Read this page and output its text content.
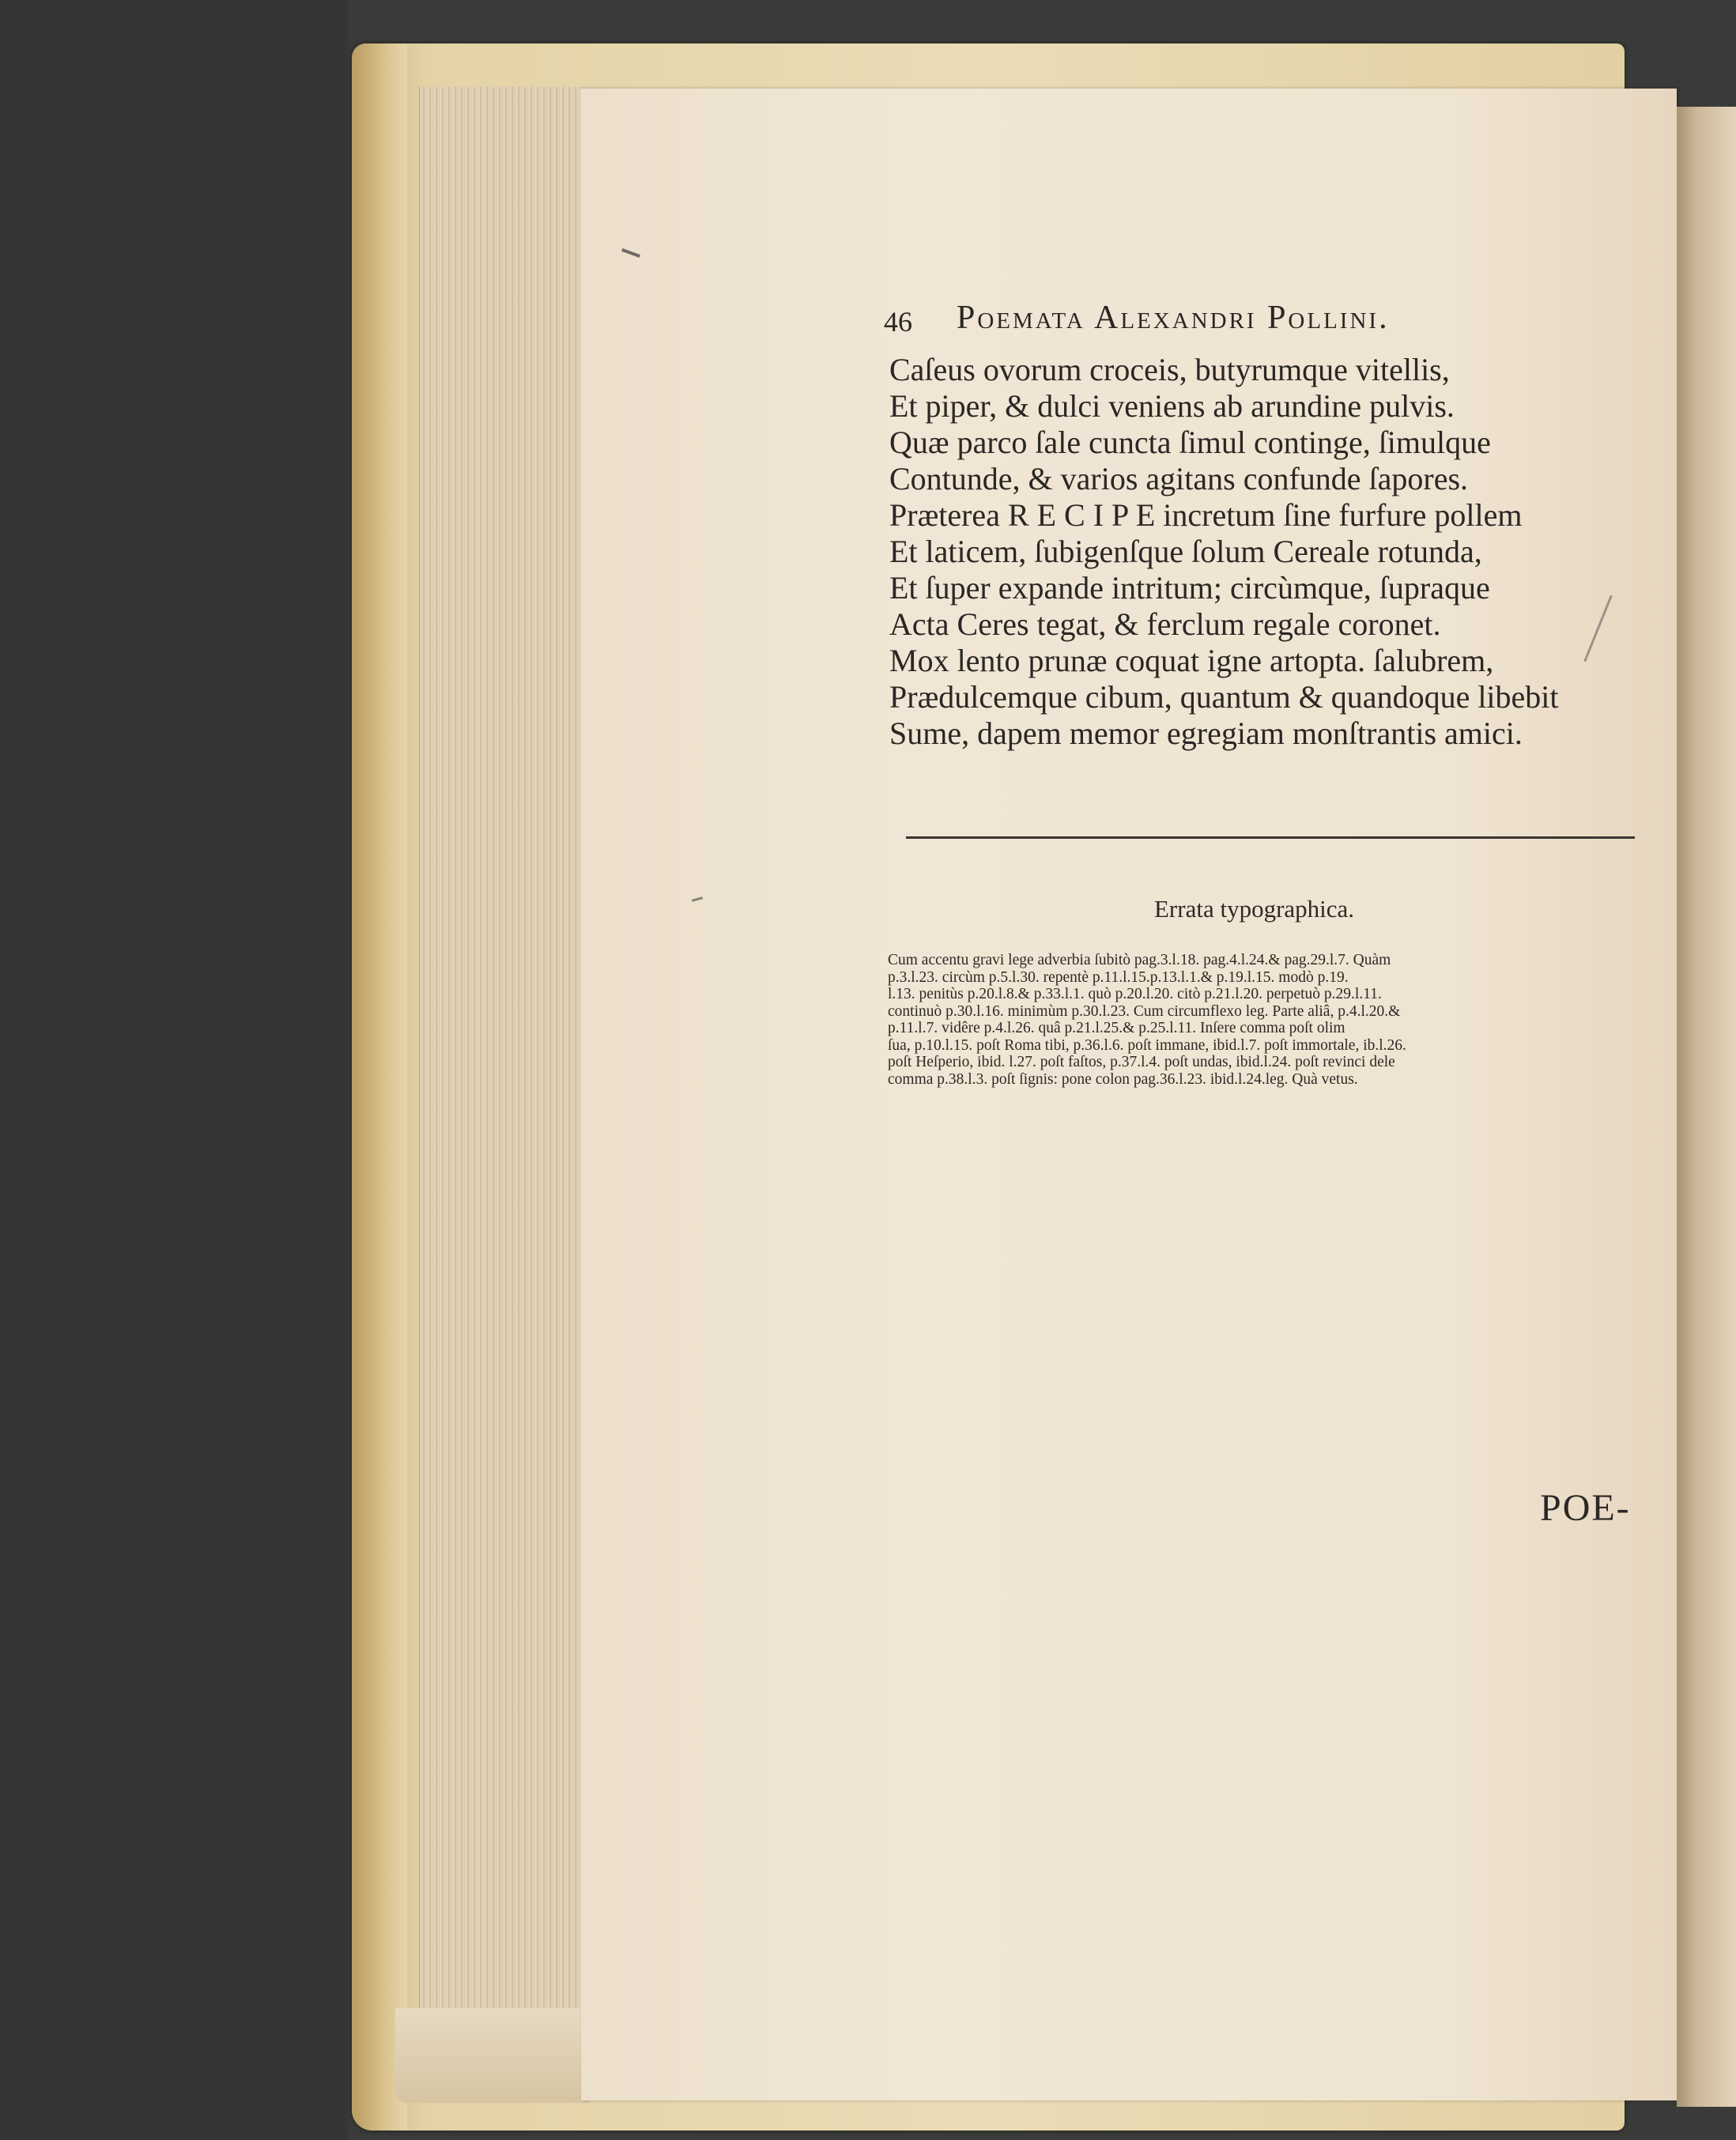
46 Poemata Alexandri Pollini.
Caſeus ovorum croceis, butyrumque vitellis,
Et piper, & dulci veniens ab arundine pulvis.
Quæ parco ſale cuncta ſimul continge, ſimulque
Contunde, & varios agitans confunde ſapores.
Præterea R E C I P E incretum ſine furfure pollem
Et laticem, ſubigenſque ſolum Cereale rotunda,
Et ſuper expande intritum; circùmque, ſupraque
Acta Ceres tegat, & ferclum regale coronet.
Mox lento prunæ coquat igne artopta. ſalubrem,
Prædulcemque cibum, quantum & quandoque libebit
Sume, dapem memor egregiam monſtrantis amici.
Errata typographica.
Cum accentu gravi lege adverbia ſubitò pag.3.l.18. pag.4.l.24.& pag.29.l.7. Quàm
p.3.l.23. circùm p.5.l.30. repentè p.11.l.15.p.13.l.1.& p.19.l.15. modò p.19.
l.13. penitùs p.20.l.8.& p.33.l.1. quò p.20.l.20. citò p.21.l.20. perpetuò p.29.l.11.
continuò p.30.l.16. minimùm p.30.l.23. Cum circumflexo leg. Parte aliâ, p.4.l.20.&
p.11.l.7. vidêre p.4.l.26. quâ p.21.l.25.& p.25.l.11. Inſere comma poſt olim
ſua, p.10.l.15. poſt Roma tibi, p.36.l.6. poſt immane, ibid.l.7. poſt immortale, ib.l.26.
poſt Heſperio, ibid. l.27. poſt faſtos, p.37.l.4. poſt undas, ibid.l.24. poſt revinci dele
comma p.38.l.3. poſt ſignis: pone colon pag.36.l.23. ibid.l.24.leg. Quà vetus.
POE-
